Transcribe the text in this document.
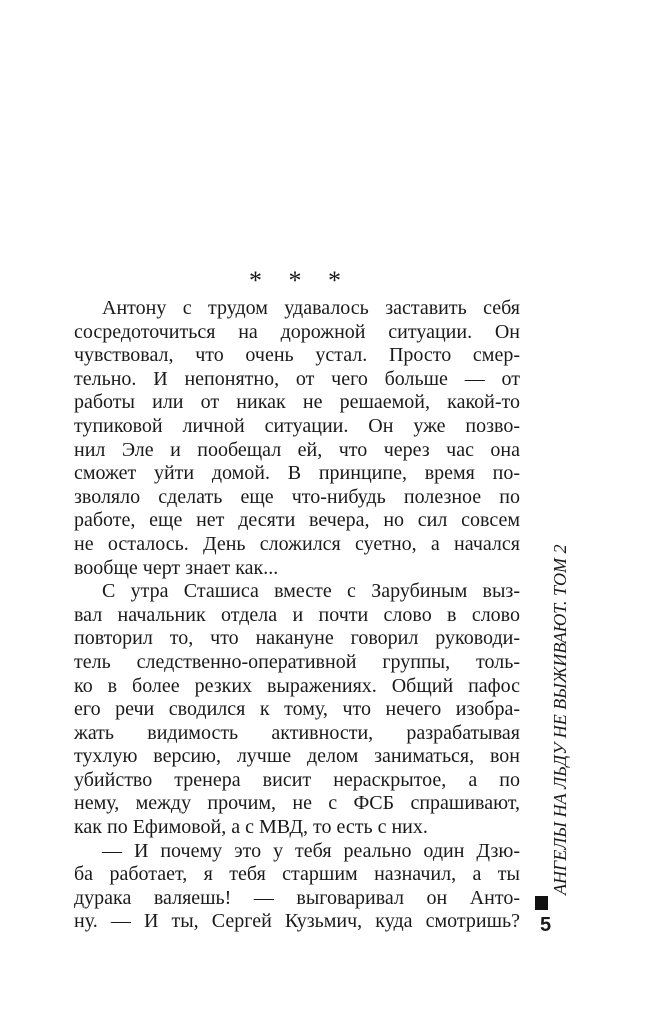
* * *
Антону с трудом удавалось заставить себя
сосредоточиться на дорожной ситуации. Он
чувствовал, что очень устал. Просто смер-
тельно. И непонятно, от чего больше — от
работы или от никак не решаемой, какой-то
тупиковой личной ситуации. Он уже позво-
нил Эле и пообещал ей, что через час она
сможет уйти домой. В принципе, время по-
зволяло сделать еще что-нибудь полезное по
работе, еще нет десяти вечера, но сил совсем
не осталось. День сложился суетно, а начался
вообще черт знает как...
С утра Сташиса вместе с Зарубиным выз-
вал начальник отдела и почти слово в слово
повторил то, что накануне говорил руководи-
тель следственно-оперативной группы, толь-
ко в более резких выражениях. Общий пафос
его речи сводился к тому, что нечего изобра-
жать видимость активности, разрабатывая
тухлую версию, лучше делом заниматься, вон
убийство тренера висит нераскрытое, а по
нему, между прочим, не с ФСБ спрашивают,
как по Ефимовой, а с МВД, то есть с них.
— И почему это у тебя реально один Дзю-
ба работает, я тебя старшим назначил, а ты
дурака валяешь! — выговаривал он Анто-
ну. — И ты, Сергей Кузьмич, куда смотришь?
АНГЕЛЫ НА ЛЬДУ НЕ ВЫЖИВАЮТ. ТОМ 2
5
